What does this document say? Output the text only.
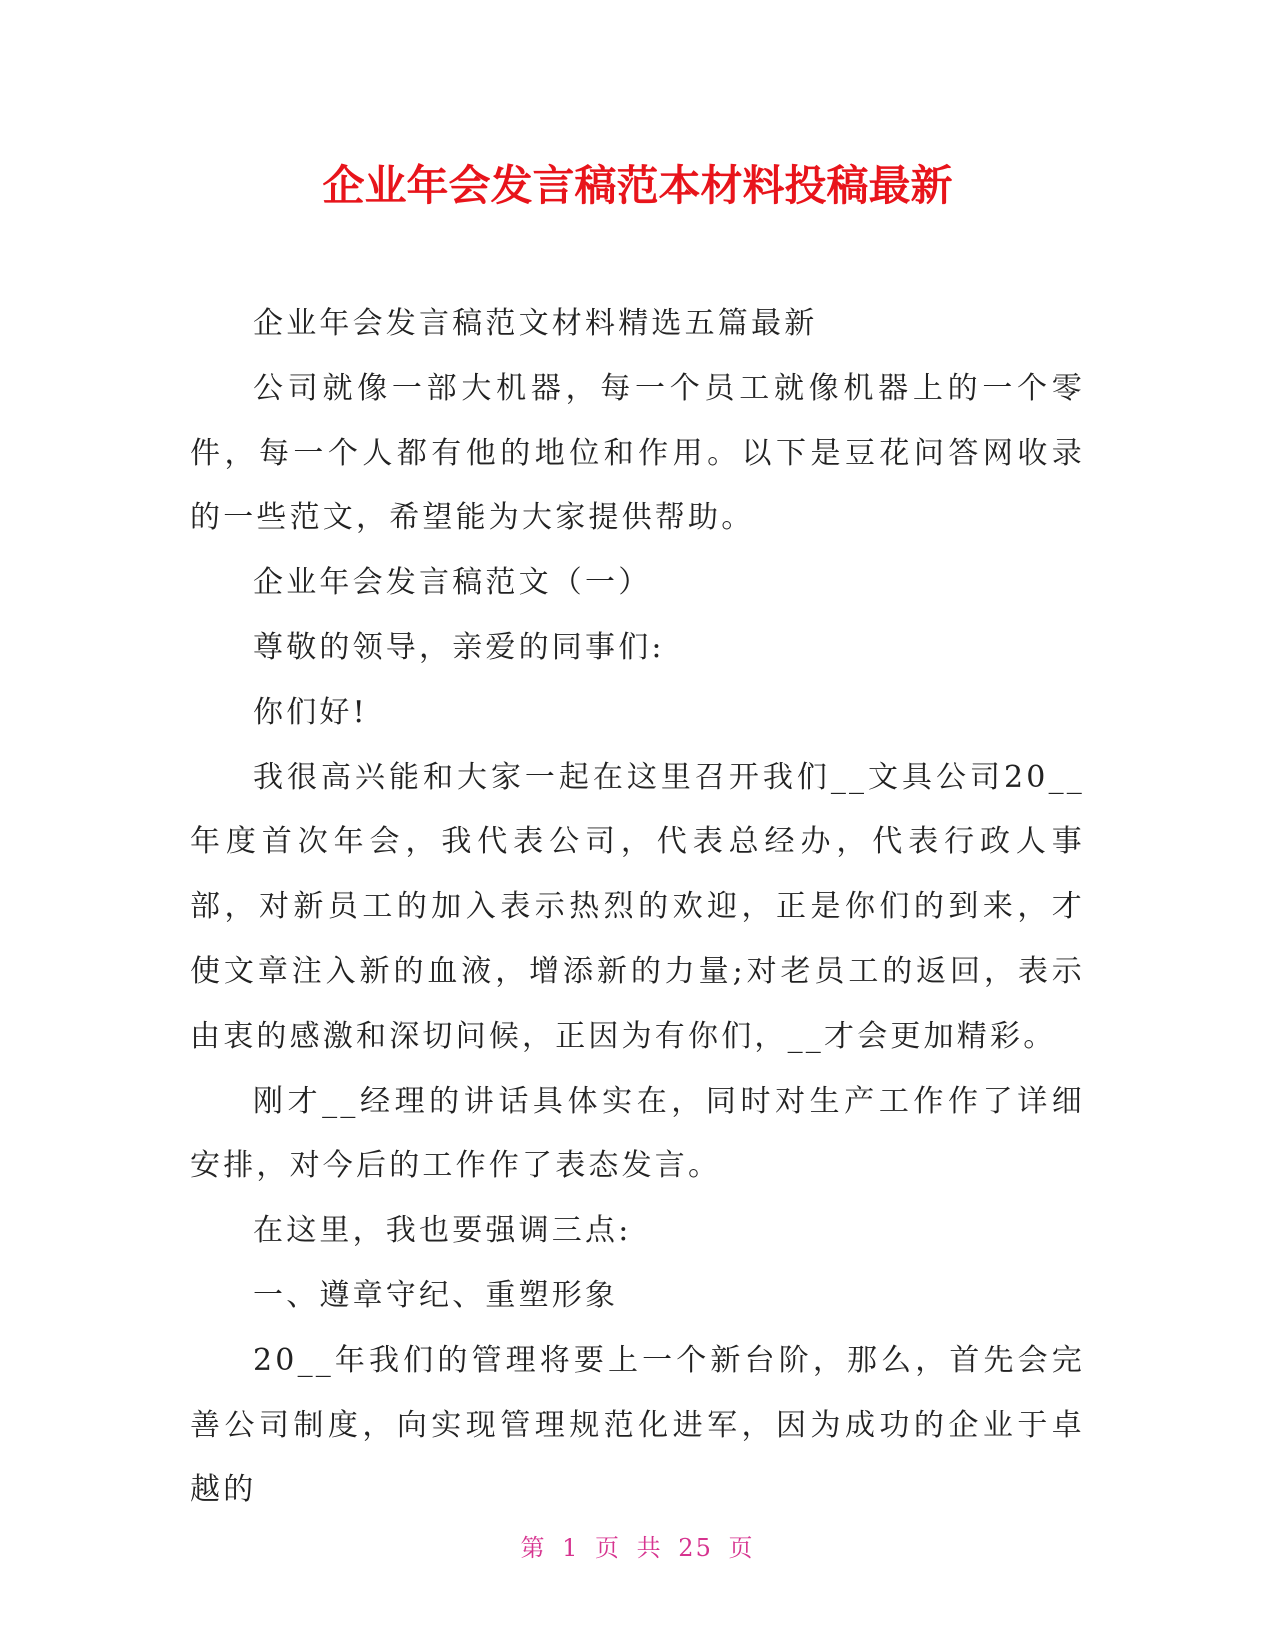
企业年会发言稿范本材料投稿最新

企业年会发言稿范文材料精选五篇最新

公司就像一部大机器，每一个员工就像机器上的一个零件，每一个人都有他的地位和作用。以下是豆花问答网收录的一些范文，希望能为大家提供帮助。

企业年会发言稿范文（一）

尊敬的领导，亲爱的同事们:

你们好!

我很高兴能和大家一起在这里召开我们__文具公司20__年度首次年会，我代表公司，代表总经办，代表行政人事部，对新员工的加入表示热烈的欢迎，正是你们的到来，才使文章注入新的血液，增添新的力量;对老员工的返回，表示由衷的感激和深切问候，正因为有你们，__才会更加精彩。

刚才__经理的讲话具体实在，同时对生产工作作了详细安排，对今后的工作作了表态发言。

在这里，我也要强调三点:

一、遵章守纪、重塑形象

20__年我们的管理将要上一个新台阶，那么，首先会完善公司制度，向实现管理规范化进军，因为成功的企业于卓越的

第 1 页 共 25 页
